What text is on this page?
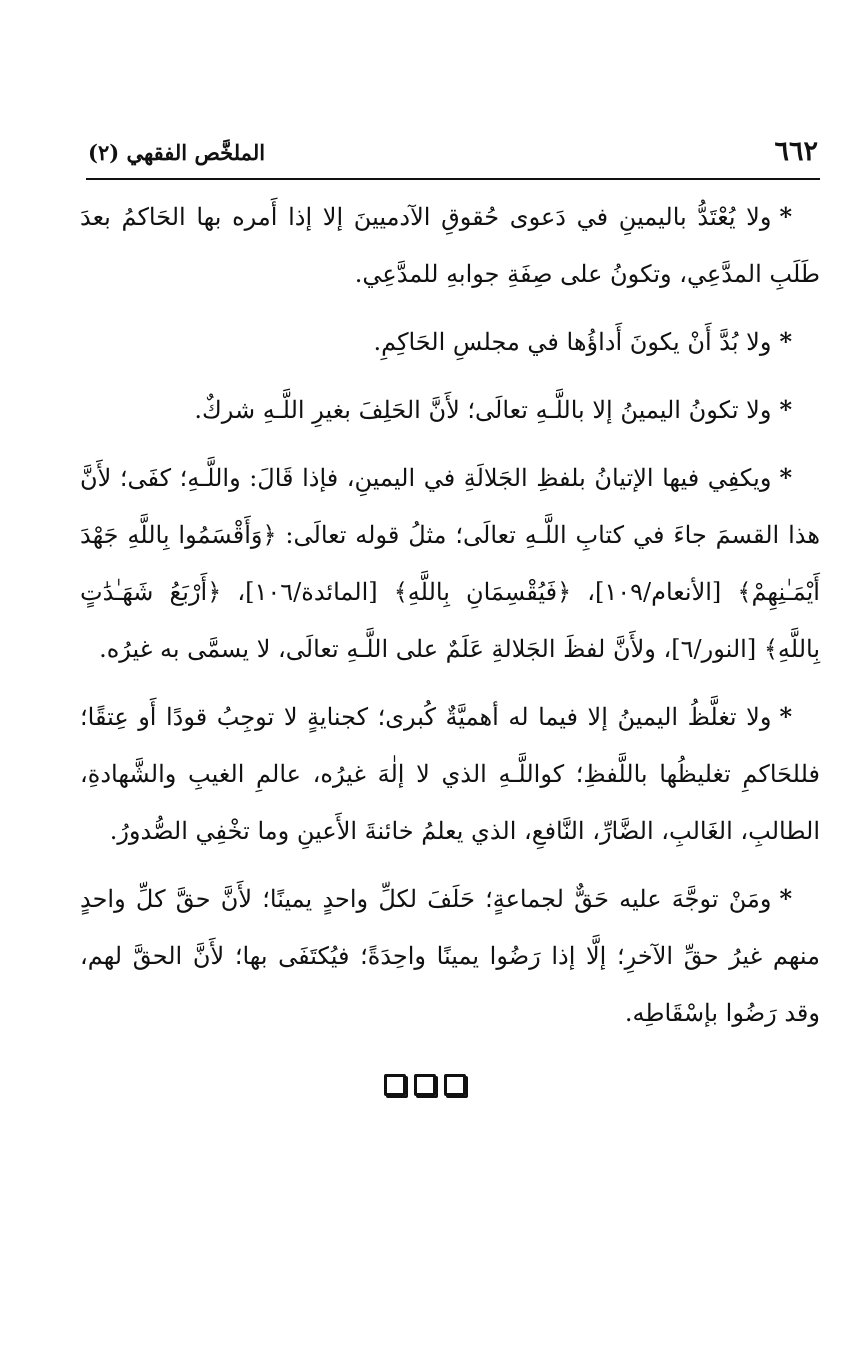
٦٦٢
الملخَّص الفقهي (٢)

*ولا يُعْتَدُّ باليمينِ في دَعوى حُقوقِ الآدميينَ إلا إذا أَمره بها الحَاكمُ بعدَ طَلَبِ المدَّعِي، وتكونُ على صِفَةِ جوابهِ للمدَّعِي.

*ولا بُدَّ أَنْ يكونَ أَداؤُها في مجلسِ الحَاكِمِ.

*ولا تكونُ اليمينُ إلا باللَّـهِ تعالَى؛ لأَنَّ الحَلِفَ بغيرِ اللَّـهِ شركٌ.

*ويكفِي فيها الإتيانُ بلفظِ الجَلالَةِ في اليمينِ، فإذا قَالَ: واللَّـهِ؛ كفَى؛ لأَنَّ هذا القسمَ جاءَ في كتابِ اللَّـهِ تعالَى؛ مثلُ قوله تعالَى: ﴿وَأَقْسَمُوا بِاللَّهِ جَهْدَ أَيْمَـٰنِهِمْ﴾ [الأنعام/١٠٩]، ﴿فَيُقْسِمَانِ بِاللَّهِ﴾ [المائدة/١٠٦]، ﴿أَرْبَعُ شَهَـٰدَٰتٍ بِاللَّهِ﴾ [النور/٦]، ولأَنَّ لفظَ الجَلالةِ عَلَمٌ على اللَّـهِ تعالَى، لا يسمَّى به غيرُه.

*ولا تغلَّظُ اليمينُ إلا فيما له أهميَّةٌ كُبرى؛ كجنايةٍ لا توجِبُ قودًا أَو عِتقًا؛ فللحَاكمِ تغليظُها باللَّفظِ؛ كواللَّـهِ الذي لا إلٰهَ غيرُه، عالمِ الغيبِ والشَّهادةِ، الطالبِ، الغَالبِ، الضَّارِّ، النَّافعِ، الذي يعلمُ خائنةَ الأَعينِ وما تخْفِي الصُّدورُ.

*ومَنْ توجَّهَ عليه حَقٌّ لجماعةٍ؛ حَلَفَ لكلِّ واحدٍ يمينًا؛ لأَنَّ حقَّ كلِّ واحدٍ منهم غيرُ حقِّ الآخرِ؛ إلَّا إذا رَضُوا يمينًا واحِدَةً؛ فيُكتَفَى بها؛ لأَنَّ الحقَّ لهم، وقد رَضُوا بإسْقَاطِه.
